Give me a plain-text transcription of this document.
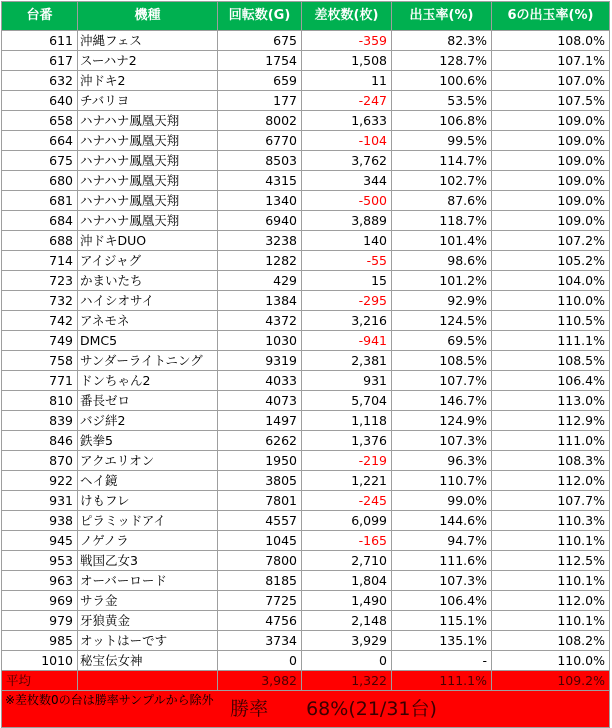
台番	機種	回転数(G)	差枚数(枚)	出玉率(%)	6の出玉率(%)
611	沖縄フェス	675	-359	82.3%	108.0%
617	スーハナ2	1754	1,508	128.7%	107.1%
632	沖ドキ2	659	11	100.6%	107.0%
640	チバリヨ	177	-247	53.5%	107.5%
658	ハナハナ鳳凰天翔	8002	1,633	106.8%	109.0%
664	ハナハナ鳳凰天翔	6770	-104	99.5%	109.0%
675	ハナハナ鳳凰天翔	8503	3,762	114.7%	109.0%
680	ハナハナ鳳凰天翔	4315	344	102.7%	109.0%
681	ハナハナ鳳凰天翔	1340	-500	87.6%	109.0%
684	ハナハナ鳳凰天翔	6940	3,889	118.7%	109.0%
688	沖ドキDUO	3238	140	101.4%	107.2%
714	アイジャグ	1282	-55	98.6%	105.2%
723	かまいたち	429	15	101.2%	104.0%
732	ハイシオサイ	1384	-295	92.9%	110.0%
742	アネモネ	4372	3,216	124.5%	110.5%
749	DMC5	1030	-941	69.5%	111.1%
758	サンダーライトニング	9319	2,381	108.5%	108.5%
771	ドンちゃん2	4033	931	107.7%	106.4%
810	番長ゼロ	4073	5,704	146.7%	113.0%
839	バジ絆2	1497	1,118	124.9%	112.9%
846	鉄拳5	6262	1,376	107.3%	111.0%
870	アクエリオン	1950	-219	96.3%	108.3%
922	ヘイ鏡	3805	1,221	110.7%	112.0%
931	けもフレ	7801	-245	99.0%	107.7%
938	ピラミッドアイ	4557	6,099	144.6%	110.3%
945	ノゲノラ	1045	-165	94.7%	110.1%
953	戦国乙女3	7800	2,710	111.6%	112.5%
963	オーバーロード	8185	1,804	107.3%	110.1%
969	サラ金	7725	1,490	106.4%	112.0%
979	牙狼黄金	4756	2,148	115.1%	110.1%
985	オットはーです	3734	3,929	135.1%	108.2%
1010	秘宝伝女神	0	0	-	110.0%
平均		3,982	1,322	111.1%	109.2%
勝率　　68%(21/31台)					
※差枚数0の台は勝率サンプルから除外
